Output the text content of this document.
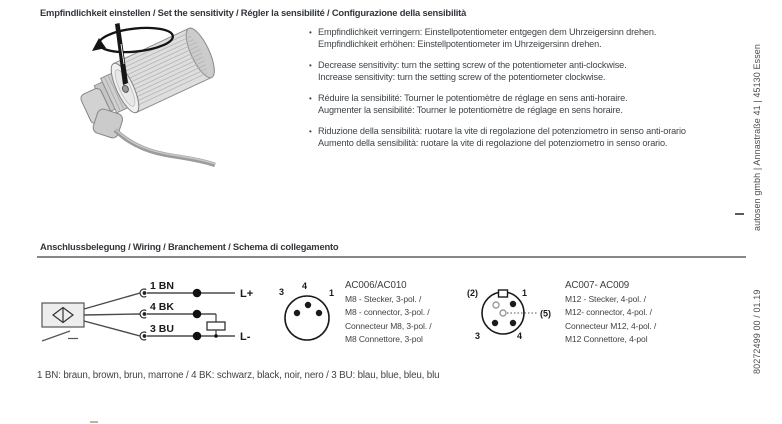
Empfindlichkeit einstellen / Set the sensitivity / Régler la sensibilité / Configurazione della sensibilità
• Empfindlichkeit verringern: Einstellpotentiometer entgegen dem Uhrzeigersinn drehen.
Empfindlichkeit erhöhen: Einstellpotentiometer im Uhrzeigersinn drehen.
• Decrease sensitivity: turn the setting screw of the potentiometer anti-clockwise.
Increase sensitivity: turn the setting screw of the potentiometer clockwise.
• Réduire la sensibilité: Tourner le potentiomètre de réglage en sens anti-horaire.
Augmenter la sensibilité: Tourner le potentiomètre de réglage en sens horaire.
• Riduzione della sensibilità: ruotare la vite di regolazione del potenziometro in senso anti-orario
Aumento della sensibilità: ruotare la vite di regolazione del potenziometro in senso orario.
Anschlussbelegung / Wiring / Branchement / Schema di collegamento
1 BN
4 BK
3 BU
L+
L-
4
3	1	(2)	1
3	4
(5)
AC006/AC010
M8 - Stecker, 3-pol. /
M8 - connector, 3-pol. /
Connecteur M8, 3-pol. /
M8 Connettore, 3-pol
AC007- AC009
M12 - Stecker, 4-pol. /
M12- connector, 4-pol. /
Connecteur M12, 4-pol. /
M12 Connettore, 4-pol
1 BN: braun, brown, brun, marrone / 4 BK: schwarz, black, noir, nero / 3 BU: blau, blue, bleu, blu
autosen gmbh | Annastraße 41 | 45130 Essen
80272499 00 / 01.19
